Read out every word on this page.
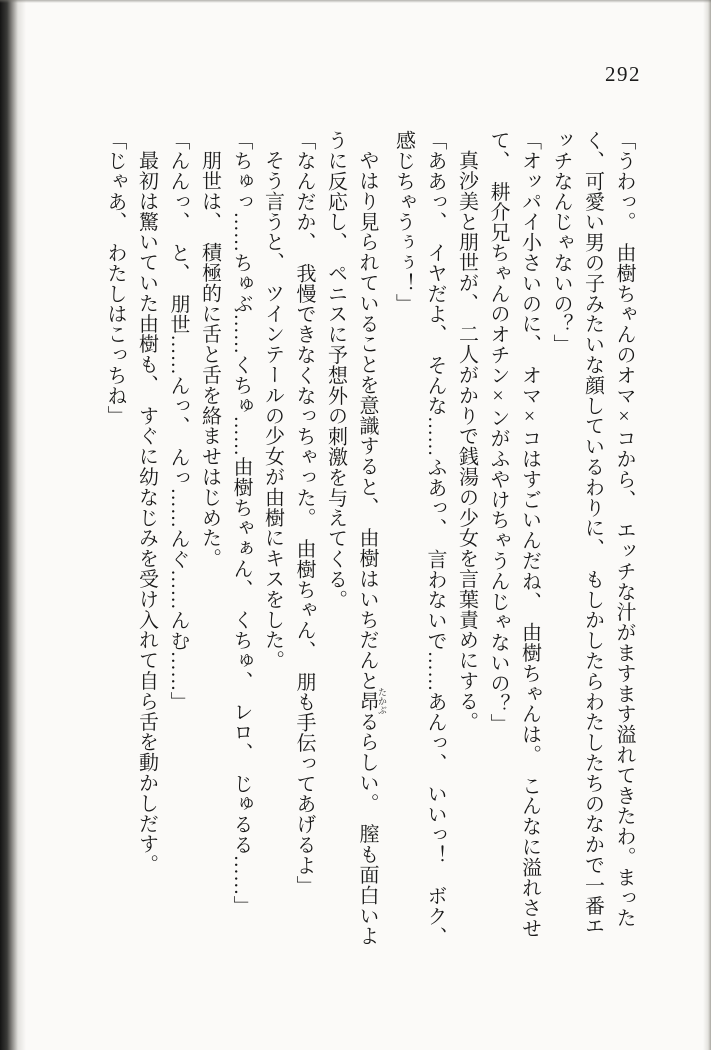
292

「うわっ。　由樹ちゃんのオマ×コから、　エッチな汁がますます溢れてきたわ。まったく、可愛い男の子みたいな顔しているわりに、　もしかしたらわたしたちのなかで一番エッチなんじゃないの？」

「オッパイ小さいのに、　オマ×コはすごいんだね、　由樹ちゃんは。　こんなに溢れさせて、　耕介兄ちゃんのオチン×ンがふやけちゃうんじゃないの？」

真沙美と朋世が、　二人がかりで銭湯の少女を言葉責めにする。

「ああっ、　イヤだよ、　そんな……ふあっ、　言わないで……あんっ、　いいっ！　ボク、感じちゃうぅぅ！」

やはり見られていることを意識すると、　由樹はいちだんと昂 たかぶるらしい。　膣も面白いように反応し、　ペニスに予想外の刺激を与えてくる。

「なんだか、　我慢できなくなっちゃった。　由樹ちゃん、　朋も手伝ってあげるよ」

そう言うと、　ツインテールの少女が由樹にキスをした。

「ちゅっ……ちゅぶ……くちゅ……由樹ちゃぁん、　くちゅ、　レロ、　じゅるる……」

朋世は、　積極的に舌と舌を絡ませはじめた。

「んんっ、　と、　朋世……んっ、　んっ……んぐ……んむ……」

最初は驚いていた由樹も、　すぐに幼なじみを受け入れて自ら舌を動かしだす。

「じゃあ、　わたしはこっちね」
